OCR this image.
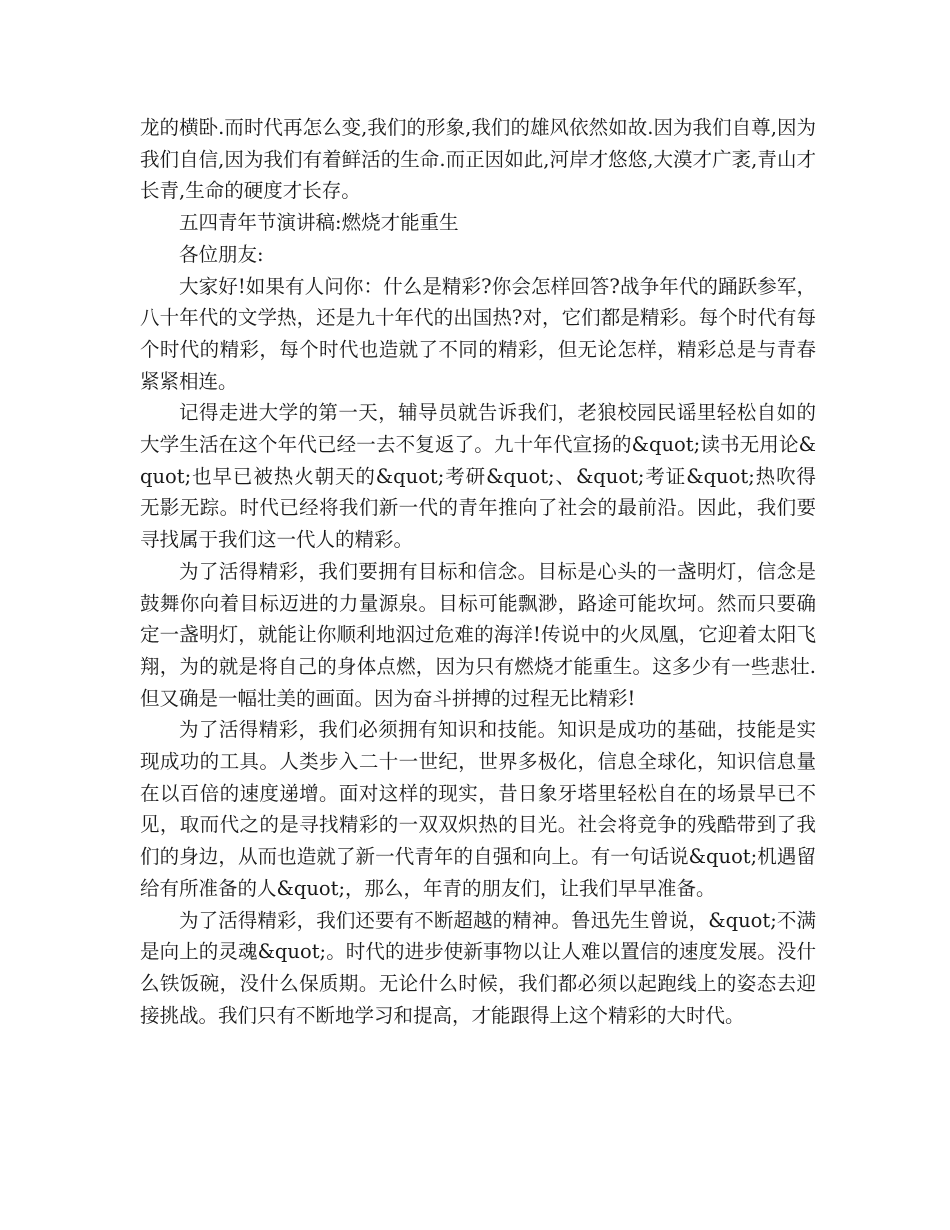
龙的横卧.而时代再怎么变,我们的形象,我们的雄风依然如故.因为我们自尊,因为我们自信,因为我们有着鲜活的生命.而正因如此,河岸才悠悠,大漠才广袤,青山才长青,生命的硬度才长存。

五四青年节演讲稿:燃烧才能重生

各位朋友:

大家好!如果有人问你：什么是精彩?你会怎样回答?战争年代的踊跃参军，八十年代的文学热，还是九十年代的出国热?对，它们都是精彩。每个时代有每个时代的精彩，每个时代也造就了不同的精彩，但无论怎样，精彩总是与青春紧紧相连。

记得走进大学的第一天，辅导员就告诉我们，老狼校园民谣里轻松自如的大学生活在这个年代已经一去不复返了。九十年代宣扬的&quot;读书无用论&quot;也早已被热火朝天的&quot;考研&quot;、&quot;考证&quot;热吹得无影无踪。时代已经将我们新一代的青年推向了社会的最前沿。因此，我们要寻找属于我们这一代人的精彩。

为了活得精彩，我们要拥有目标和信念。目标是心头的一盏明灯，信念是鼓舞你向着目标迈进的力量源泉。目标可能飘渺，路途可能坎坷。然而只要确定一盏明灯，就能让你顺利地泅过危难的海洋!传说中的火凤凰，它迎着太阳飞翔，为的就是将自己的身体点燃，因为只有燃烧才能重生。这多少有一些悲壮.但又确是一幅壮美的画面。因为奋斗拼搏的过程无比精彩!

为了活得精彩，我们必须拥有知识和技能。知识是成功的基础，技能是实现成功的工具。人类步入二十一世纪，世界多极化，信息全球化，知识信息量在以百倍的速度递增。面对这样的现实，昔日象牙塔里轻松自在的场景早已不见，取而代之的是寻找精彩的一双双炽热的目光。社会将竞争的残酷带到了我们的身边，从而也造就了新一代青年的自强和向上。有一句话说&quot;机遇留给有所准备的人&quot;，那么，年青的朋友们，让我们早早准备。

为了活得精彩，我们还要有不断超越的精神。鲁迅先生曾说，&quot;不满是向上的灵魂&quot;。时代的进步使新事物以让人难以置信的速度发展。没什么铁饭碗，没什么保质期。无论什么时候，我们都必须以起跑线上的姿态去迎接挑战。我们只有不断地学习和提高，才能跟得上这个精彩的大时代。
